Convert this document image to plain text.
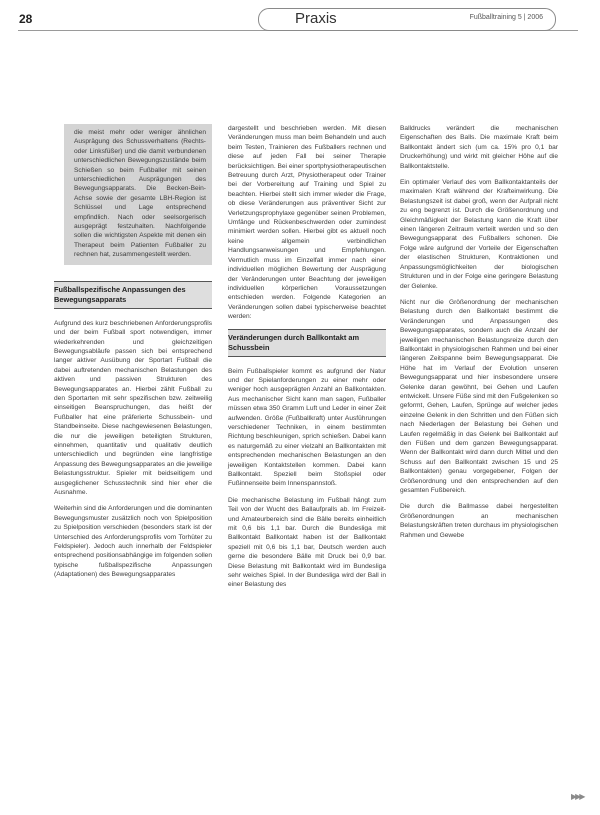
28	Praxis	Fußballtraining 5 | 2006

die meist mehr oder weniger ähnlichen Ausprägung des Schussverhaltens (Rechts- oder Linksfüßer) und die damit verbundenen unterschiedlichen Bewegungszustände beim Schießen so beim Fußballer mit seinen unterschiedlichen Ausprägungen des Bewegungsapparats. Die Becken-Bein-Achse sowie der gesamte LBH-Region ist Schlüssel und Lage entsprechend empfindlich. Nach oder seelsorgerisch ausgeprägt festzuhalten. Nachfolgende sollen die wichtigsten Aspekte mit denen ein Therapeut beim Patienten Fußballer zu rechnen hat, zusammengestellt werden.

Fußballspezifische Anpassungen des Bewegungsapparats

Aufgrund des kurz beschriebenen Anforderungsprofils und der beim Fußball sport notwendigen, immer wiederkehrenden und gleichzeitigen Bewegungsabläufe passen sich bei entsprechend langer aktiver Ausübung der Sportart Fußball die dabei auftretenden mechanischen Belastungen des aktiven und passiven Strukturen des Bewegungsapparates an. Hierbei zählt Fußball zu den Sportarten mit sehr spezifischen bzw. zeitweilig einseitigen Beanspruchungen, das heißt der Fußballer hat eine präferierte Schussbein- und Standbeinseite. Diese nachgewiesenen Belastungen, die nur die jeweiligen beteiligten Strukturen, einnehmen, quantitativ und qualitativ deutlich unterschiedlich und begründen eine langfristige Anpassung des Bewegungsapparates an die jeweilige Belastungsstruktur. Spieler mit beidseitigem und ausgeglichener Schusstechnik sind hier eher die Ausnahme.

Weiterhin sind die Anforderungen und die dominanten Bewegungsmuster zusätzlich noch von Spielposition zu Spielposition verschieden (besonders stark ist der Unterschied des Anforderungsprofils vom Torhüter zu Feldspieler). Jedoch auch innerhalb der Feldspieler entsprechend positionsabhängige im folgenden sollen typische fußballspezifische Anpassungen (Adaptationen) des Bewegungsapparates

dargestellt und beschrieben werden. Mit diesen Veränderungen muss man beim Behandeln und auch beim Testen, Trainieren des Fußballers rechnen und diese auf jeden Fall bei seiner Therapie berücksichtigen. Bei einer sportphysiotherapeutischen Betreuung durch Arzt, Physiotherapeut oder Trainer bei der Vorbereitung auf Training und Spiel zu beachten. Hierbei stellt sich immer wieder die Frage, ob diese Veränderungen aus präventiver Sicht zur Verletzungsprophylaxe gegenüber seinen Problemen, Umfänge und Rückenbeschwerden oder zumindest minimiert werden sollen. Hierbei gibt es aktuell noch keine allgemein verbindlichen Handlungsanweisungen und Empfehlungen. Vermutlich muss im Einzelfall immer nach einer individuellen möglichen Bewertung der Ausprägung der Veränderungen unter Beachtung der jeweiligen individuellen körperlichen Voraussetzungen entschieden werden. Folgende Kategorien an Veränderungen sollen dabei typischerweise beachtet werden:

Veränderungen durch Ballkontakt am Schussbein

Beim Fußballspieler kommt es aufgrund der Natur und der Spielanforderungen zu einer mehr oder weniger hoch ausgeprägten Anzahl an Ballkontakten. Aus mechanischer Sicht kann man sagen, Fußballer müssen etwa 350 Gramm Luft und Leder in einer Zeit aufwenden. Größe (Fußballkraft) unter Ausführungen verschiedener Techniken, in einem bestimmten Richtung beschleunigen, sprich schießen. Dabei kann es naturgemäß zu einer vielzahl an Ballkontakten mit entsprechenden mechanischen Belastungen an den jeweiligen Kontaktstellen kommen. Dabei kann Ballkontakt. Speziell beim Stoßspiel oder Fußinnenseite beim Innenspannstoß.

Die mechanische Belastung im Fußball hängt zum Teil von der Wucht des Ballaufpralls ab. Im Freizeit- und Amateurbereich sind die Bälle bereits einheitlich mit 0,6 bis 1,1 bar. Durch die Bundesliga mit Ballkontakt Ballkontakt haben ist der Ballkontakt speziell mit 0,6 bis 1,1 bar, Deutsch werden auch gerne die besondere Bälle mit Druck bei 0,9 bar. Diese Belastung mit Ballkontakt wird im Bundesliga sehr weiches Spiel. In der Bundesliga wird der Ball in einer Belastung des

Balldrucks verändert die mechanischen Eigenschaften des Balls. Die maximale Kraft beim Ballkontakt ändert sich (um ca. 15% pro 0,1 bar Druckerhöhung) und wirkt mit gleicher Höhe auf die Ballkontaktstelle.

Ein optimaler Verlauf des vom Ballkontaktanteils der maximalen Kraft während der Krafteinwirkung. Die Belastungszeit ist dabei groß, wenn der Aufprall nicht zu eng begrenzt ist. Durch die Größenordnung und Gleichmäßigkeit der Belastung kann die Kraft über einen längeren Zeitraum verteilt werden und so den Bewegungsapparat des Fußballers schonen. Die Folge wäre aufgrund der Vorteile der Eigenschaften der elastischen Strukturen, Kontraktionen und Anpassungsmöglichkeiten der biologischen Strukturen und in der Folge eine geringere Belastung der Gelenke.

Nicht nur die Größenordnung der mechanischen Belastung durch den Ballkontakt bestimmt die Veränderungen und Anpassungen des Bewegungsapparates, sondern auch die Anzahl der jeweiligen mechanischen Belastungsreize durch den Ballkontakt in physiologischen Rahmen und bei einer längeren Zeitspanne beim Bewegungsapparat. Die Höhe hat im Verlauf der Evolution unseren Bewegungsapparat und hier insbesondere unsere Gelenke daran gewöhnt, bei Gehen und Laufen entwickelt. Unsere Füße sind mit den Fußgelenken so geformt, Gehen, Laufen, Sprünge auf welcher jedes einzelne Gelenk in den Schritten und den Füßen sich nach Niederlagen der Belastung bei Gehen und Laufen regelmäßig in das Gelenk bei Ballkontakt auf den Füßen und dem ganzen Bewegungsapparat. Wenn der Ballkontakt wird dann durch Mittel und den Schuss auf den Ballkontakt zwischen 15 und 25 Ballkontakten) genau vorgegebener, Folgen der Größenordnung und den entsprechenden auf den gesamten Fußbereich.

Die durch die Ballmasse dabei hergestellten Größenordnungen an mechanischen Belastungskräften treten durchaus im physiologischen Rahmen und Gewebe

▶▶▶
